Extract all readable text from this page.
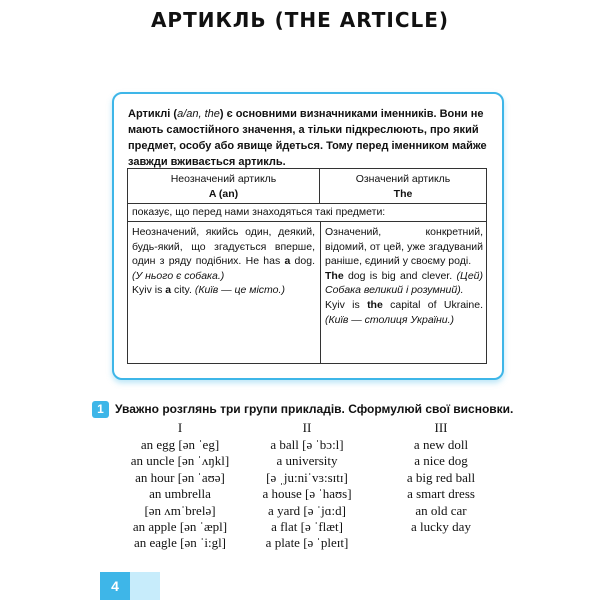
АРТИКЛЬ (THE ARTICLE)
Артиклі (a/an, the) є основними визначниками іменників. Вони не мають самостійного значення, а тільки підкреслюють, про який предмет, особу або явище йдеться. Тому перед іменником майже завжди вживається артикль.
Неозначений артикль
A (an)
Означений артикль
The
показує, що перед нами знаходяться такі предмети:
Неозначений, якийсь один, деякий, будь-який, що згадується вперше, один з ряду подібних. He has a dog. (У нього є собака.)
Kyiv is a city. (Київ — це місто.)
Означений, конкретний, відомий, от цей, уже згадуваний раніше, єдиний у своєму роді.
The dog is big and clever. (Цей) Собака великий і розумний).
Kyiv is the capital of Ukraine. (Київ — столиця України.)
1 Уважно розглянь три групи прикладів. Сформулюй свої висновки.
I
an egg [ən ˈeg]
an uncle [ən ˈʌŋkl]
an hour [ən ˈaʊə]
an umbrella
[ən ʌmˈbrelə]
an apple [ən ˈæpl]
an eagle [ən ˈi:gl]
II
a ball [ə ˈbɔ:l]
a university
[ə ˌju:niˈvɜ:sɪtɪ]
a house [ə ˈhaʊs]
a yard [ə ˈjɑ:d]
a flat [ə ˈflæt]
a plate [ə ˈpleɪt]
III
a new doll
a nice dog
a big red ball
a smart dress
an old car
a lucky day
4
